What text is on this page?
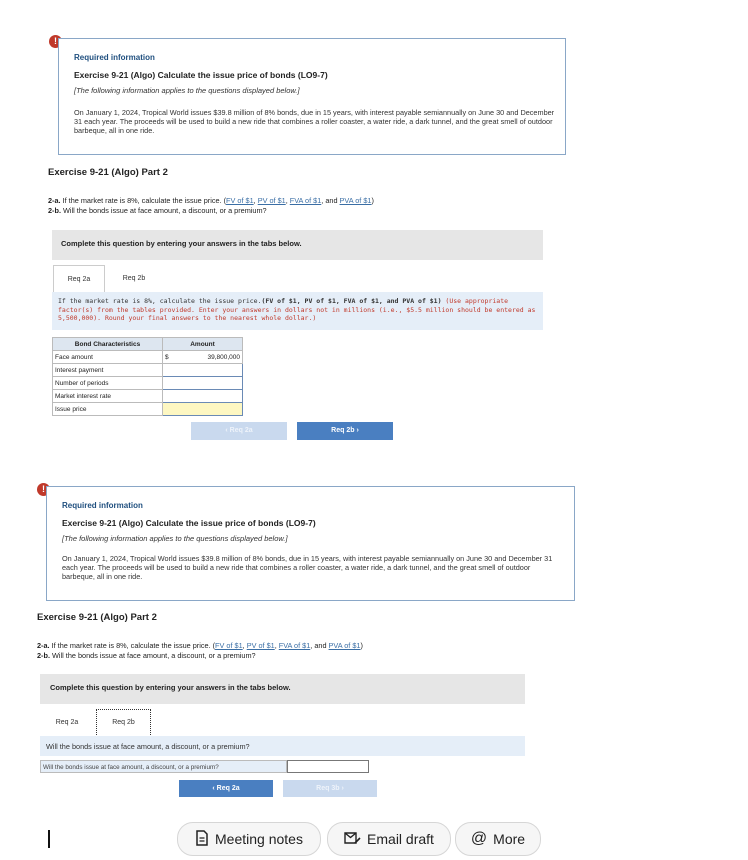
!
Required information
Exercise 9-21 (Algo) Calculate the issue price of bonds (LO9-7)
[The following information applies to the questions displayed below.]
On January 1, 2024, Tropical World issues $39.8 million of 8% bonds, due in 15 years, with interest payable semiannually on June 30 and December 31 each year. The proceeds will be used to build a new ride that combines a roller coaster, a water ride, a dark tunnel, and the great smell of outdoor barbeque, all in one ride.
Exercise 9-21 (Algo) Part 2
2-a. If the market rate is 8%, calculate the issue price. (FV of $1, PV of $1, FVA of $1, and PVA of $1)
2-b. Will the bonds issue at face amount, a discount, or a premium?
Complete this question by entering your answers in the tabs below.
Req 2a	Req 2b
If the market rate is 8%, calculate the issue price.(FV of $1, PV of $1, FVA of $1, and PVA of $1) (Use appropriate factor(s) from the tables provided. Enter your answers in dollars not in millions (i.e., $5.5 million should be entered as 5,500,000). Round your final answers to the nearest whole dollar.)
Bond Characteristics	Amount	
Face amount	$	39,800,000
Interest payment		
Number of periods		
Market interest rate		
Issue price		
‹ Req 2a	Req 2b ›
!
Required information
Exercise 9-21 (Algo) Calculate the issue price of bonds (LO9-7)
[The following information applies to the questions displayed below.]
On January 1, 2024, Tropical World issues $39.8 million of 8% bonds, due in 15 years, with interest payable semiannually on June 30 and December 31 each year. The proceeds will be used to build a new ride that combines a roller coaster, a water ride, a dark tunnel, and the great smell of outdoor barbeque, all in one ride.
Exercise 9-21 (Algo) Part 2
2-a. If the market rate is 8%, calculate the issue price. (FV of $1, PV of $1, FVA of $1, and PVA of $1)
2-b. Will the bonds issue at face amount, a discount, or a premium?
Complete this question by entering your answers in the tabs below.
Req 2a	Req 2b
Will the bonds issue at face amount, a discount, or a premium?
Will the bonds issue at face amount, a discount, or a premium?
‹ Req 2a	Req 3b ›
Meeting notes	Email draft @ More
